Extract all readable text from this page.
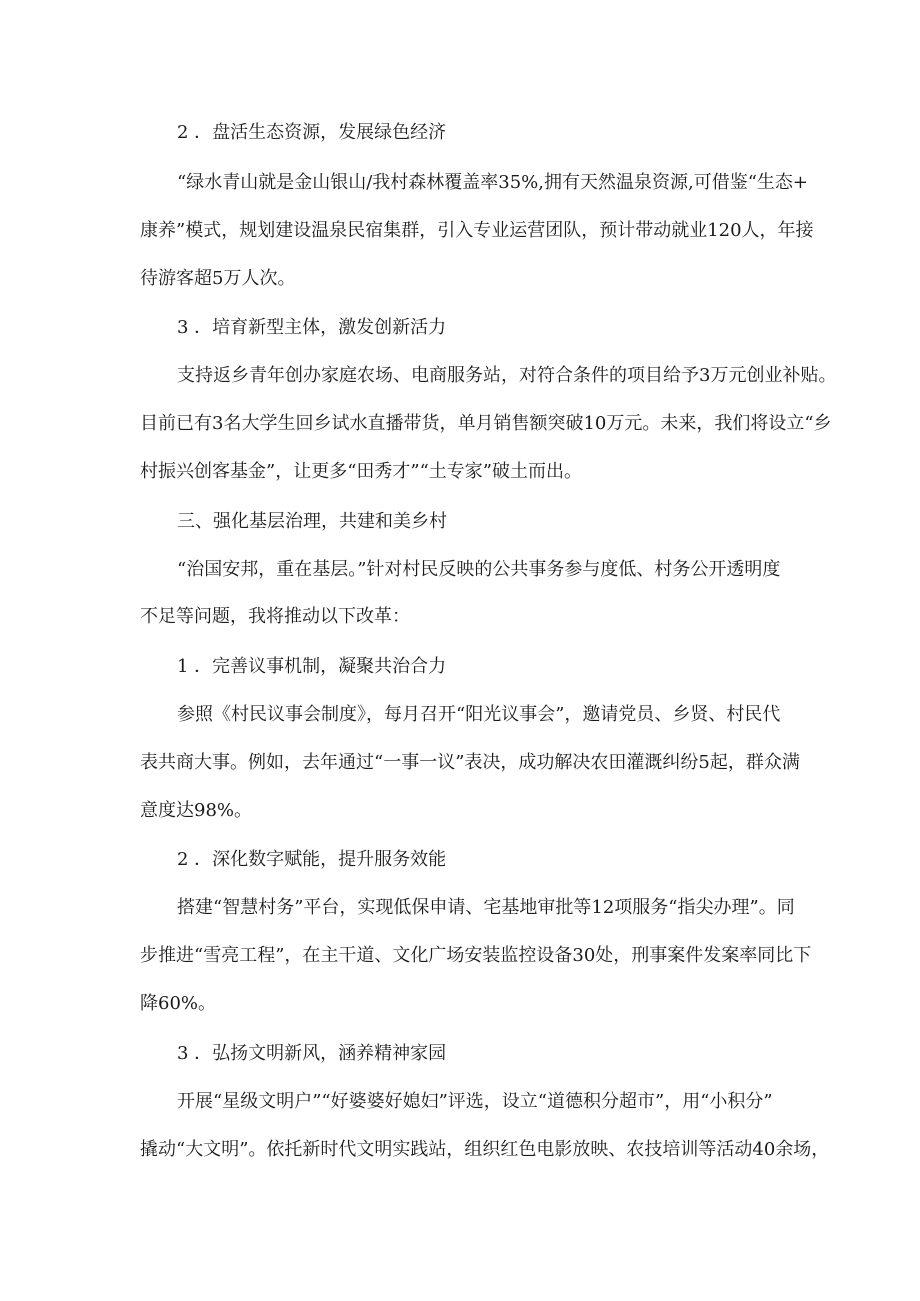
2 ．盘活生态资源，发展绿色经济
“绿水青山就是金山银山/我村森林覆盖率35%,拥有天然温泉资源,可借鉴“生态+
康养”模式，规划建设温泉民宿集群，引入专业运营团队，预计带动就业120人，年接
待游客超5万人次。
3 ．培育新型主体，激发创新活力
支持返乡青年创办家庭农场、电商服务站，对符合条件的项目给予3万元创业补贴。
目前已有3名大学生回乡试水直播带货，单月销售额突破10万元。未来，我们将设立“乡
村振兴创客基金”，让更多“田秀才”“土专家”破土而出。
三、强化基层治理，共建和美乡村
“治国安邦，重在基层。”针对村民反映的公共事务参与度低、村务公开透明度
不足等问题，我将推动以下改革：
1 ．完善议事机制，凝聚共治合力
参照《村民议事会制度》，每月召开“阳光议事会”，邀请党员、乡贤、村民代
表共商大事。例如，去年通过“一事一议”表决，成功解决农田灌溉纠纷5起，群众满
意度达98%。
2 ．深化数字赋能，提升服务效能
搭建“智慧村务”平台，实现低保申请、宅基地审批等12项服务“指尖办理”。同
步推进“雪亮工程”，在主干道、文化广场安装监控设备30处，刑事案件发案率同比下
降60%。
3 ．弘扬文明新风，涵养精神家园
开展“星级文明户”“好婆婆好媳妇”评选，设立“道德积分超市”，用“小积分”
撬动“大文明”。依托新时代文明实践站，组织红色电影放映、农技培训等活动40余场，
